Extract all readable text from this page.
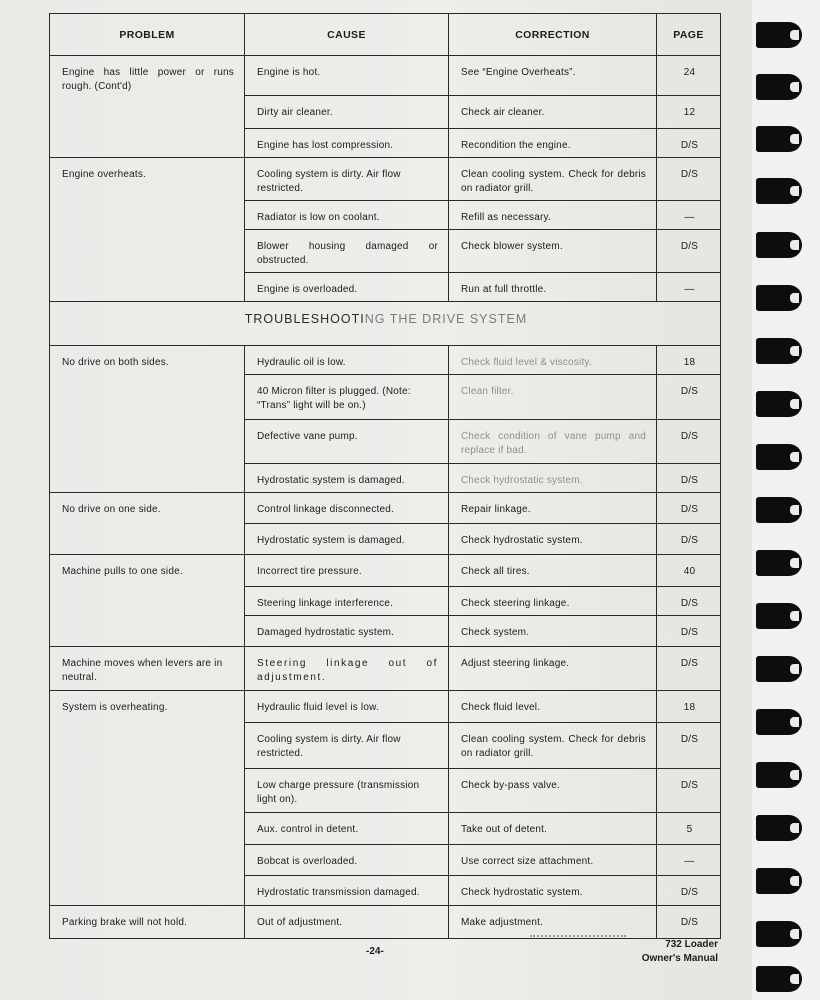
PROBLEM	CAUSE	CORRECTION	PAGE
Engine has little power or runs rough. (Cont'd)	Engine is hot.	See “Engine Overheats”.	24
	Dirty air cleaner.	Check air cleaner.	12
	Engine has lost compression.	Recondition the engine.	D/S
Engine overheats.	Cooling system is dirty. Air flow restricted.	Clean cooling system. Check for debris on radiator grill.	D/S
	Radiator is low on coolant.	Refill as necessary.	—
	Blower housing damaged or obstructed.	Check blower system.	D/S
	Engine is overloaded.	Run at full throttle.	—
TROUBLESHOOTING THE DRIVE SYSTEM			
No drive on both sides.	Hydraulic oil is low.	Check fluid level & viscosity.	18
	40 Micron filter is plugged. (Note: “Trans” light will be on.)	Clean filter.	D/S
	Defective vane pump.	Check condition of vane pump and replace if bad.	D/S
	Hydrostatic system is damaged.	Check hydrostatic system.	D/S
No drive on one side.	Control linkage disconnected.	Repair linkage.	D/S
	Hydrostatic system is damaged.	Check hydrostatic system.	D/S
Machine pulls to one side.	Incorrect tire pressure.	Check all tires.	40
	Steering linkage interference.	Check steering linkage.	D/S
	Damaged hydrostatic system.	Check system.	D/S
Machine moves when levers are in neutral.	Steering linkage out of adjustment.	Adjust steering linkage.	D/S
System is overheating.	Hydraulic fluid level is low.	Check fluid level.	18
	Cooling system is dirty. Air flow restricted.	Clean cooling system. Check for debris on radiator grill.	D/S
	Low charge pressure (transmission light on).	Check by-pass valve.	D/S
	Aux. control in detent.	Take out of detent.	5
	Bobcat is overloaded.	Use correct size attachment.	—
	Hydrostatic transmission damaged.	Check hydrostatic system.	D/S
Parking brake will not hold.	Out of adjustment.	Make adjustment.	D/S
-24-
732 Loader
Owner's Manual
